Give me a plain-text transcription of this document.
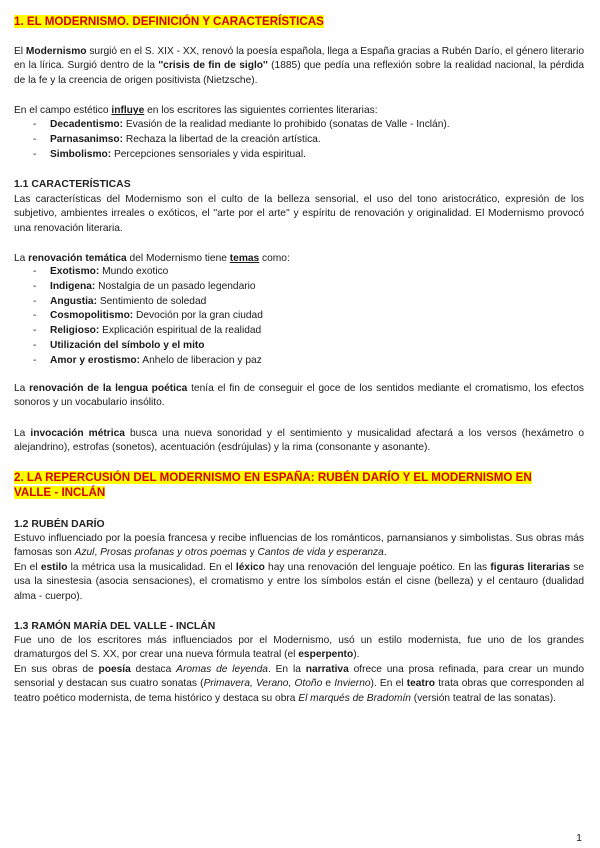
1. EL MODERNISMO. DEFINICIÓN Y CARACTERÍSTICAS
El Modernismo surgió en el S. XIX - XX, renovó la poesía española, llega a España gracias a Rubén Darío, el género literario en la lírica. Surgió dentro de la ''crisis de fin de siglo'' (1885) que pedía una reflexión sobre la realidad nacional, la pérdida de la fe y la creencia de origen positivista (Nietzsche).
En el campo estético influye en los escritores las siguientes corrientes literarias:
- Decadentismo: Evasión de la realidad mediante lo prohibido (sonatas de Valle - Inclán).
- Parnasanimso: Rechaza la libertad de la creación artística.
- Simbolismo: Percepciones sensoriales y vida espiritual.
1.1 CARACTERÍSTICAS
Las características del Modernismo son el culto de la belleza sensorial, el uso del tono aristocrático, expresión de los subjetivo, ambientes irreales o exóticos, el ''arte por el arte'' y espíritu de renovación y originalidad. El Modernismo provocó una renovación literaria.
La renovación temática del Modernismo tiene temas como:
- Exotismo: Mundo exotico
- Indigena: Nostalgia de un pasado legendario
- Angustia: Sentimiento de soledad
- Cosmopolitismo: Devoción por la gran ciudad
- Religioso: Explicación espiritual de la realidad
- Utilización del símbolo y el mito
- Amor y erostismo: Anhelo de liberacion y paz
La renovación de la lengua poética tenía el fin de conseguir el goce de los sentidos mediante el cromatismo, los efectos sonoros y un vocabulario insólito.
La invocación métrica busca una nueva sonoridad y el sentimiento y musicalidad afectará a los versos (hexámetro o alejandrino), estrofas (sonetos), acentuación (esdrújulas) y la rima (consonante y asonante).
2. LA REPERCUSIÓN DEL MODERNISMO EN ESPAÑA: RUBÉN DARÍO Y EL MODERNISMO EN
VALLE - INCLÁN
1.2 RUBÉN DARÍO
Estuvo influenciado por la poesía francesa y recibe influencias de los románticos, parnansianos y simbolistas. Sus obras más famosas son Azul, Prosas profanas y otros poemas y Cantos de vida y esperanza.
En el estilo la métrica usa la musicalidad. En el léxico hay una renovación del lenguaje poético. En las figuras literarias se usa la sinestesia (asocia sensaciones), el cromatismo y entre los símbolos están el cisne (belleza) y el centauro (dualidad alma - cuerpo).
1.3 RAMÓN MARÍA DEL VALLE - INCLÁN
Fue uno de los escritores más influenciados por el Modernismo, usó un estilo modernista, fue uno de los grandes dramaturgos del S. XX, por crear una nueva fórmula teatral (el esperpento).
En sus obras de poesía destaca Aromas de leyenda. En la narrativa ofrece una prosa refinada, para crear un mundo sensorial y destacan sus cuatro sonatas (Primavera, Verano, Otoño e Invierno). En el teatro trata obras que corresponden al teatro poético modernista, de tema histórico y destaca su obra El marqués de Bradomín (versión teatral de las sonatas).
1
